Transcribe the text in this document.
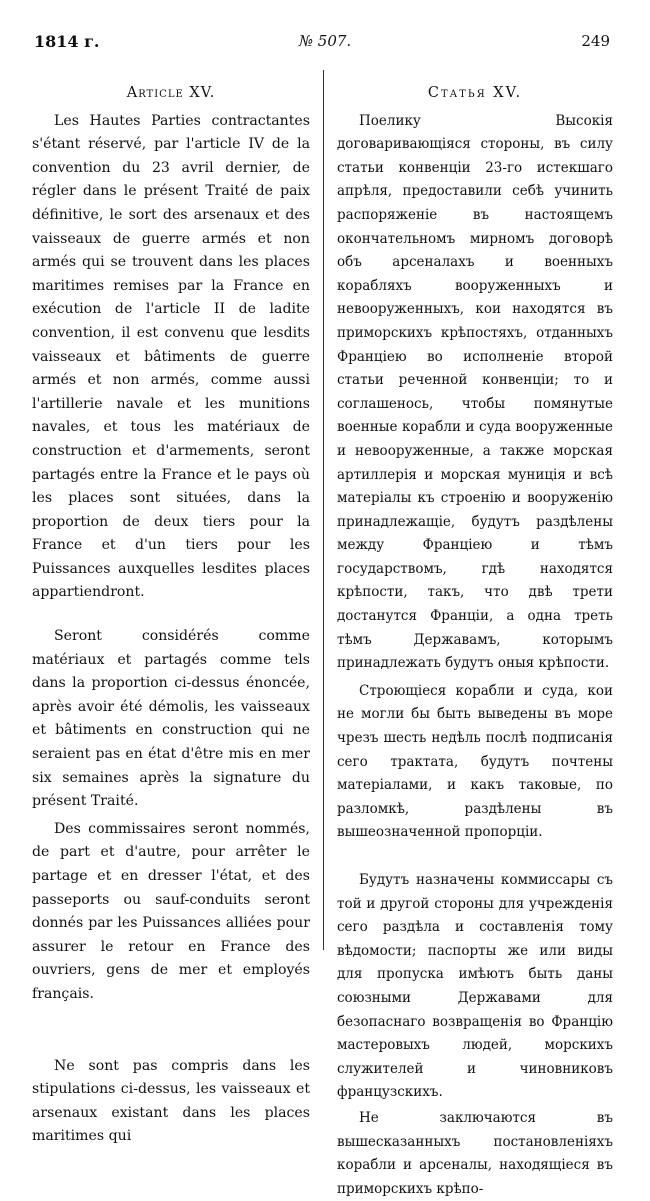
1814 г.	№ 507.	249
Article XV.

Les Hautes Parties contractantes s'étant réservé, par l'article IV de la convention du 23 avril dernier, de régler dans le présent Traité de paix définitive, le sort des arsenaux et des vaisseaux de guerre armés et non armés qui se trouvent dans les places maritimes remises par la France en exécution de l'article II de ladite convention, il est convenu que lesdits vaisseaux et bâtiments de guerre armés et non armés, comme aussi l'artillerie navale et les munitions navales, et tous les matériaux de construction et d'armements, seront partagés entre la France et le pays où les places sont situées, dans la proportion de deux tiers pour la France et d'un tiers pour les Puissances auxquelles lesdites places appartiendront.

Seront considérés comme matériaux et partagés comme tels dans la proportion ci-dessus énoncée, après avoir été démolis, les vaisseaux et bâtiments en construction qui ne seraient pas en état d'être mis en mer six semaines après la signature du présent Traité.

Des commissaires seront nommés, de part et d'autre, pour arrêter le partage et en dresser l'état, et des passeports ou sauf-conduits seront donnés par les Puissances alliées pour assurer le retour en France des ouvriers, gens de mer et employés français.

Ne sont pas compris dans les stipulations ci-dessus, les vaisseaux et arsenaux existant dans les places maritimes qui

Статья XV.

Поелику Высокія договаривающіяся стороны, въ силу статьи конвенціи 23-го истекшаго апрѣля, предоставили себѣ учинить распоряженіе въ настоящемъ окончательномъ мирномъ договорѣ объ арсеналахъ и военныхъ корабляхъ вооруженныхъ и невооруженныхъ, кои находятся въ приморскихъ крѣпостяхъ, отданныхъ Франціею во исполненіе второй статьи реченной конвенціи; то и соглашенось, чтобы помянутые военные корабли и суда вооруженные и невооруженные, а также морская артиллерія и морская муниція и всѣ матеріалы къ строенію и вооруженію принадлежащіе, будутъ раздѣлены между Франціею и тѣмъ государствомъ, гдѣ находятся крѣпости, такъ, что двѣ трети достанутся Франціи, а одна треть тѣмъ Державамъ, которымъ принадлежать будутъ оныя крѣпости.

Строющіеся корабли и суда, кои не могли бы быть выведены въ море чрезъ шесть недѣль послѣ подписанія сего трактата, будутъ почтены матеріалами, и какъ таковые, по разломкѣ, раздѣлены въ вышеозначенной пропорціи.

Будутъ назначены коммиссары съ той и другой стороны для учрежденія сего раздѣла и составленія тому вѣдомости; паспорты же или виды для пропуска имѣютъ быть даны союзными Державами для безопаснаго возвращенія во Францію мастеровыхъ людей, морскихъ служителей и чиновниковъ французскихъ.

Не заключаются въ вышесказанныхъ постановленіяхъ корабли и арсеналы, находящіеся въ приморскихъ крѣпо-
